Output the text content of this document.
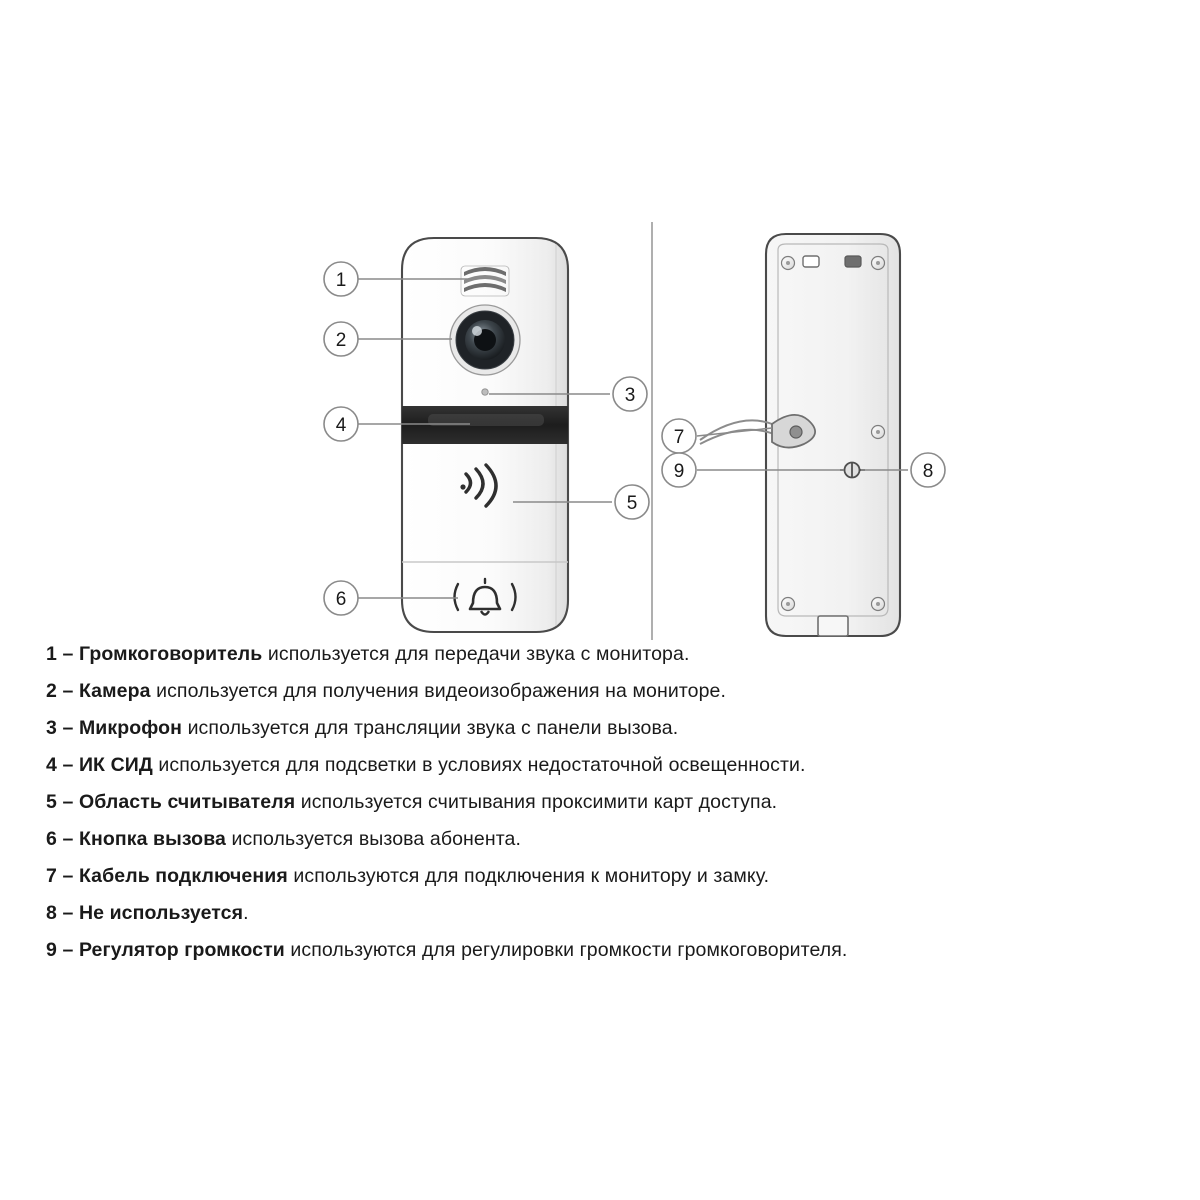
1
2
3
4
5
6
7
8
9
1 – Громкоговоритель используется для передачи звука с монитора.
2 – Камера используется для получения видеоизображения на мониторе.
3 – Микрофон используется для трансляции звука с панели вызова.
4 – ИК СИД используется для подсветки в условиях недостаточной освещенности.
5 – Область считывателя используется считывания проксимити карт доступа.
6 – Кнопка вызова используется вызова абонента.
7 – Кабель подключения используются для подключения к монитору и замку.
8 – Не используется.
9 – Регулятор громкости используются для регулировки громкости громкоговорителя.
